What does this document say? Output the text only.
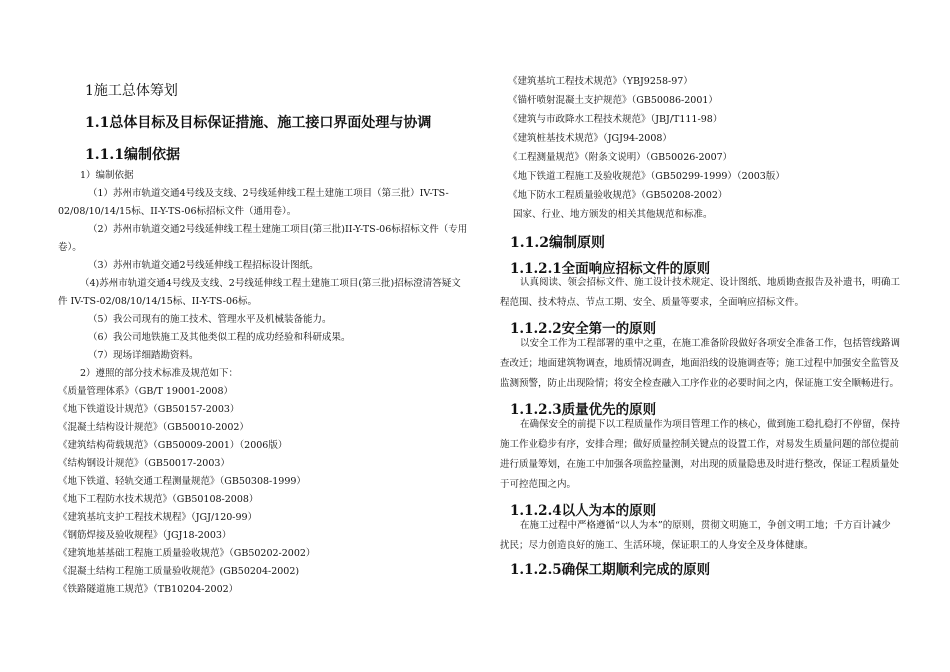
1施工总体筹划
1.1总体目标及目标保证措施、施工接口界面处理与协调
1.1.1编制依据
1）编制依据
（1）苏州市轨道交通4号线及支线、2号线延伸线工程土建施工项目（第三批）IV-TS-
02/08/10/14/15标、II-Y-TS-06标招标文件（通用卷）。
（2）苏州市轨道交通2号线延伸线工程土建施工项目(第三批)II-Y-TS-06标招标文件（专用
卷）。
（3）苏州市轨道交通2号线延伸线工程招标设计图纸。
（4)苏州市轨道交通4号线及支线、2号线延伸线工程土建施工项目(第三批)招标澄清答疑文
件 IV-TS-02/08/10/14/15标、II-Y-TS-06标。
（5）我公司现有的施工技术、管理水平及机械装备能力。
（6）我公司地铁施工及其他类似工程的成功经验和科研成果。
（7）现场详细踏勘资料。
2）遵照的部分技术标准及规范如下：
《质量管理体系》（GB/T 19001-2008）
《地下铁道设计规范》（GB50157-2003）
《混凝土结构设计规范》（GB50010-2002）
《建筑结构荷载规范》（GB50009-2001）（2006版）
《结构钢设计规范》（GB50017-2003）
《地下铁道、轻轨交通工程测量规范》（GB50308-1999）
《地下工程防水技术规范》（GB50108-2008）
《建筑基坑支护工程技术规程》（JGJ/120-99）
《钢筋焊接及验收规程》（JGJ18-2003）
《建筑地基基础工程施工质量验收规范》（GB50202-2002）
《混凝土结构工程施工质量验收规范》(GB50204-2002)
《铁路隧道施工规范》（TB10204-2002）
《建筑基坑工程技术规范》（YBJ9258-97）
《锚杆喷射混凝土支护规范》（GB50086-2001）
《建筑与市政降水工程技术规范》（JBJ/T111-98）
《建筑桩基技术规范》（JGJ94-2008）
《工程测量规范》（附条文说明）（GB50026-2007）
《地下铁道工程施工及验收规范》（GB50299-1999）（2003版）
《地下防水工程质量验收规范》（GB50208-2002）
国家、行业、地方颁发的相关其他规范和标准。
1.1.2编制原则
1.1.2.1全面响应招标文件的原则
认真阅读、领会招标文件、施工设计技术规定、设计图纸、地质勘查报告及补遗书，明确工程范围、技术特点、节点工期、安全、质量等要求，全面响应招标文件。
1.1.2.2安全第一的原则
以安全工作为工程部署的重中之重，在施工准备阶段做好各项安全准备工作，包括管线路调查改迁；地面建筑物调查，地质情况调查，地面沿线的设施调查等；施工过程中加强安全监管及监测预警，防止出现险情；将安全检查融入工序作业的必要时间之内，保证施工安全顺畅进行。
1.1.2.3质量优先的原则
在确保安全的前提下以工程质量作为项目管理工作的核心，做到施工稳扎稳打不停留，保持施工作业稳步有序，安排合理；做好质量控制关键点的设置工作，对易发生质量问题的部位提前进行质量筹划，在施工中加强各项监控量测，对出现的质量隐患及时进行整改，保证工程质量处于可控范围之内。
1.1.2.4以人为本的原则
在施工过程中严格遵循“以人为本”的原则，贯彻文明施工，争创文明工地；千方百计减少扰民；尽力创造良好的施工、生活环境，保证职工的人身安全及身体健康。
1.1.2.5确保工期顺利完成的原则
